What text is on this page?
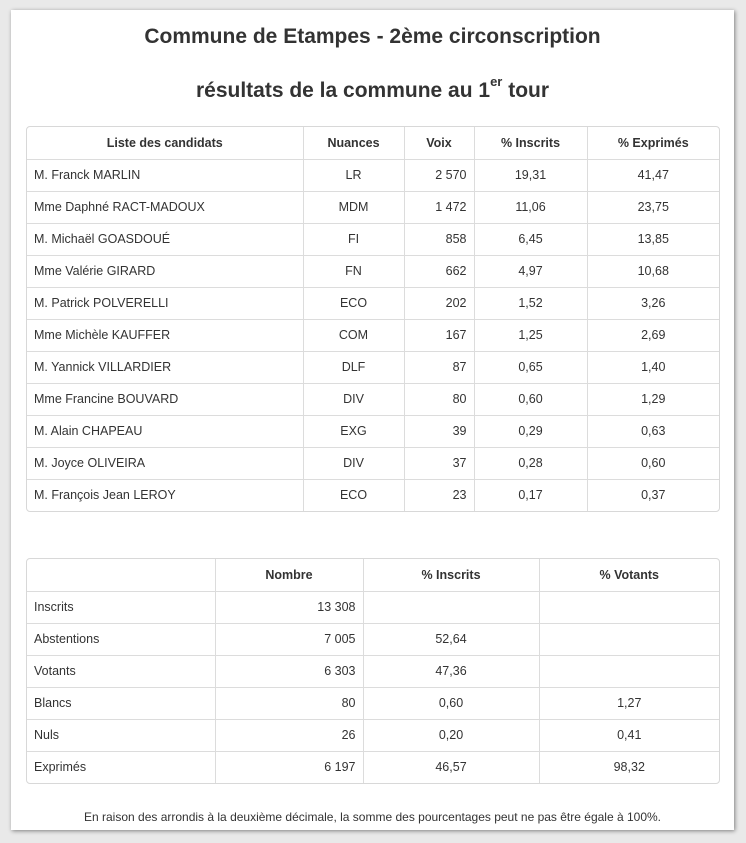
Commune de Etampes - 2ème circonscription
résultats de la commune au 1er tour
Liste des candidats	Nuances	Voix	% Inscrits	% Exprimés
M. Franck MARLIN	LR	2 570	19,31	41,47
Mme Daphné RACT-MADOUX	MDM	1 472	11,06	23,75
M. Michaël GOASDOUÉ	FI	858	6,45	13,85
Mme Valérie GIRARD	FN	662	4,97	10,68
M. Patrick POLVERELLI	ECO	202	1,52	3,26
Mme Michèle KAUFFER	COM	167	1,25	2,69
M. Yannick VILLARDIER	DLF	87	0,65	1,40
Mme Francine BOUVARD	DIV	80	0,60	1,29
M. Alain CHAPEAU	EXG	39	0,29	0,63
M. Joyce OLIVEIRA	DIV	37	0,28	0,60
M. François Jean LEROY	ECO	23	0,17	0,37
	Nombre	% Inscrits	% Votants
Inscrits	13 308		
Abstentions	7 005	52,64	
Votants	6 303	47,36	
Blancs	80	0,60	1,27
Nuls	26	0,20	0,41
Exprimés	6 197	46,57	98,32
En raison des arrondis à la deuxième décimale, la somme des pourcentages peut ne pas être égale à 100%.
